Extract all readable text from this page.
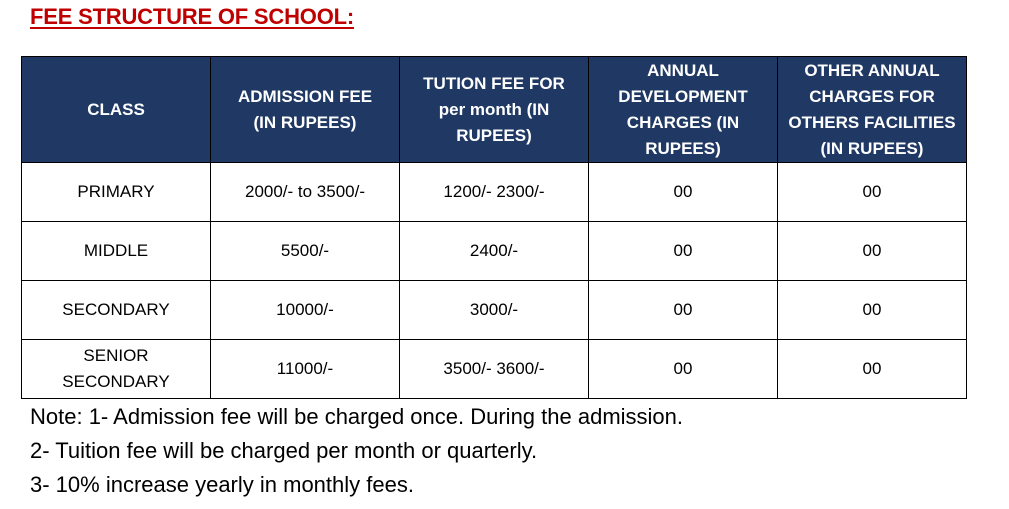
FEE STRUCTURE OF SCHOOL:
CLASS	ADMISSION FEE (IN RUPEES)	TUTION FEE FOR per month (IN RUPEES)	ANNUAL DEVELOPMENT CHARGES (IN RUPEES)	OTHER ANNUAL CHARGES FOR OTHERS FACILITIES (IN RUPEES)
PRIMARY	2000/- to 3500/-	1200/- 2300/-	00	00
MIDDLE	5500/-	2400/-	00	00
SECONDARY	10000/-	3000/-	00	00
SENIOR SECONDARY	11000/-	3500/- 3600/-	00	00
Note: 1- Admission fee will be charged once. During the admission.
2- Tuition fee will be charged per month or quarterly.
3- 10% increase yearly in monthly fees.
